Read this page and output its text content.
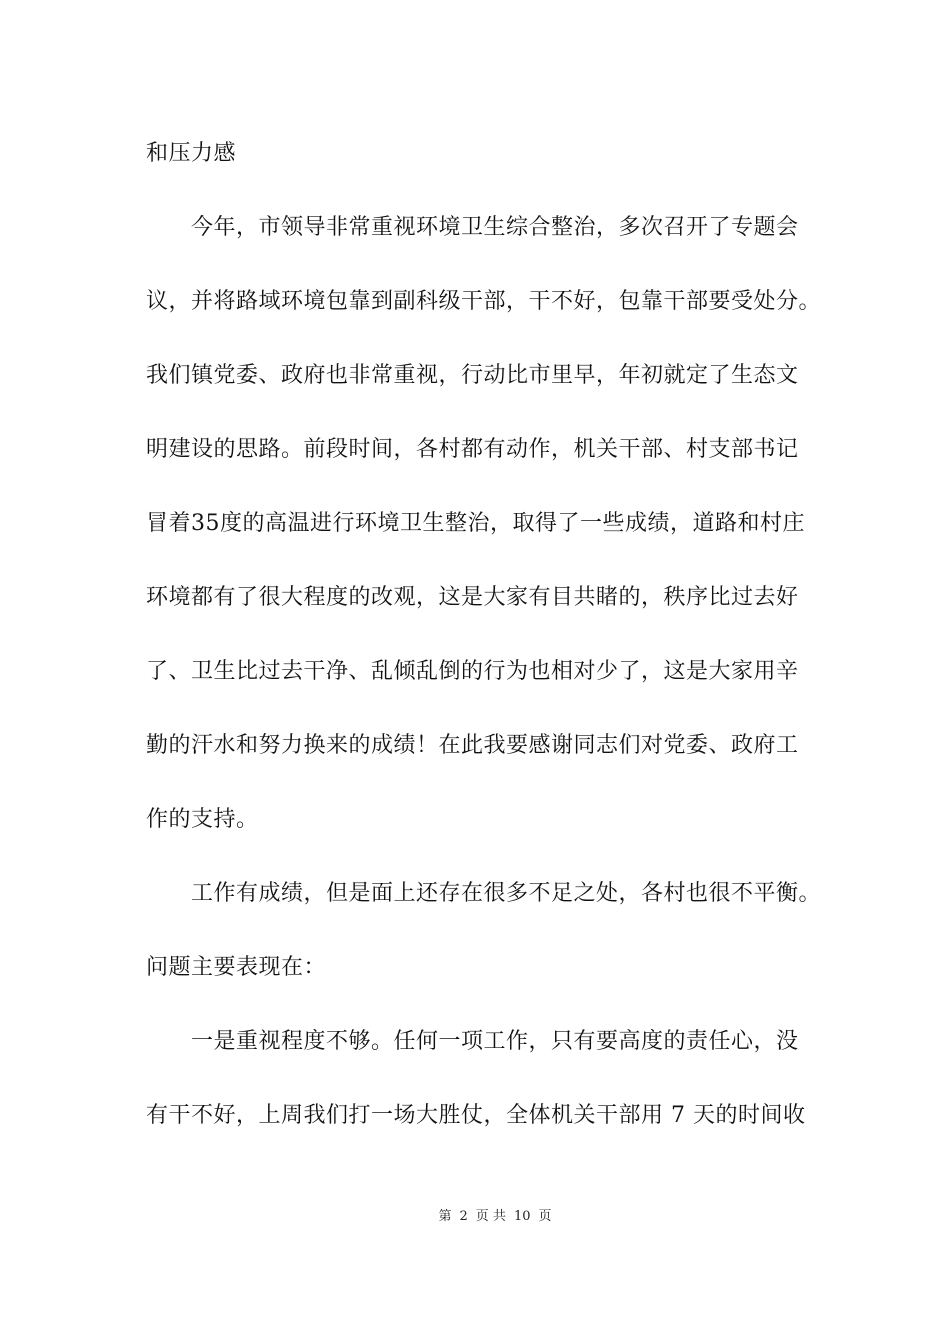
和压力感
　　今年，市领导非常重视环境卫生综合整治，多次召开了专题会
议，并将路域环境包靠到副科级干部，干不好，包靠干部要受处分。
我们镇党委、政府也非常重视，行动比市里早，年初就定了生态文
明建设的思路。前段时间，各村都有动作，机关干部、村支部书记
冒着35度的高温进行环境卫生整治，取得了一些成绩，道路和村庄
环境都有了很大程度的改观，这是大家有目共睹的，秩序比过去好
了、卫生比过去干净、乱倾乱倒的行为也相对少了，这是大家用辛
勤的汗水和努力换来的成绩！在此我要感谢同志们对党委、政府工
作的支持。
　　工作有成绩，但是面上还存在很多不足之处，各村也很不平衡。
问题主要表现在：
　　一是重视程度不够。任何一项工作，只有要高度的责任心，没
有干不好，上周我们打一场大胜仗，全体机关干部用 7 天的时间收
第 2 页 共 10 页
